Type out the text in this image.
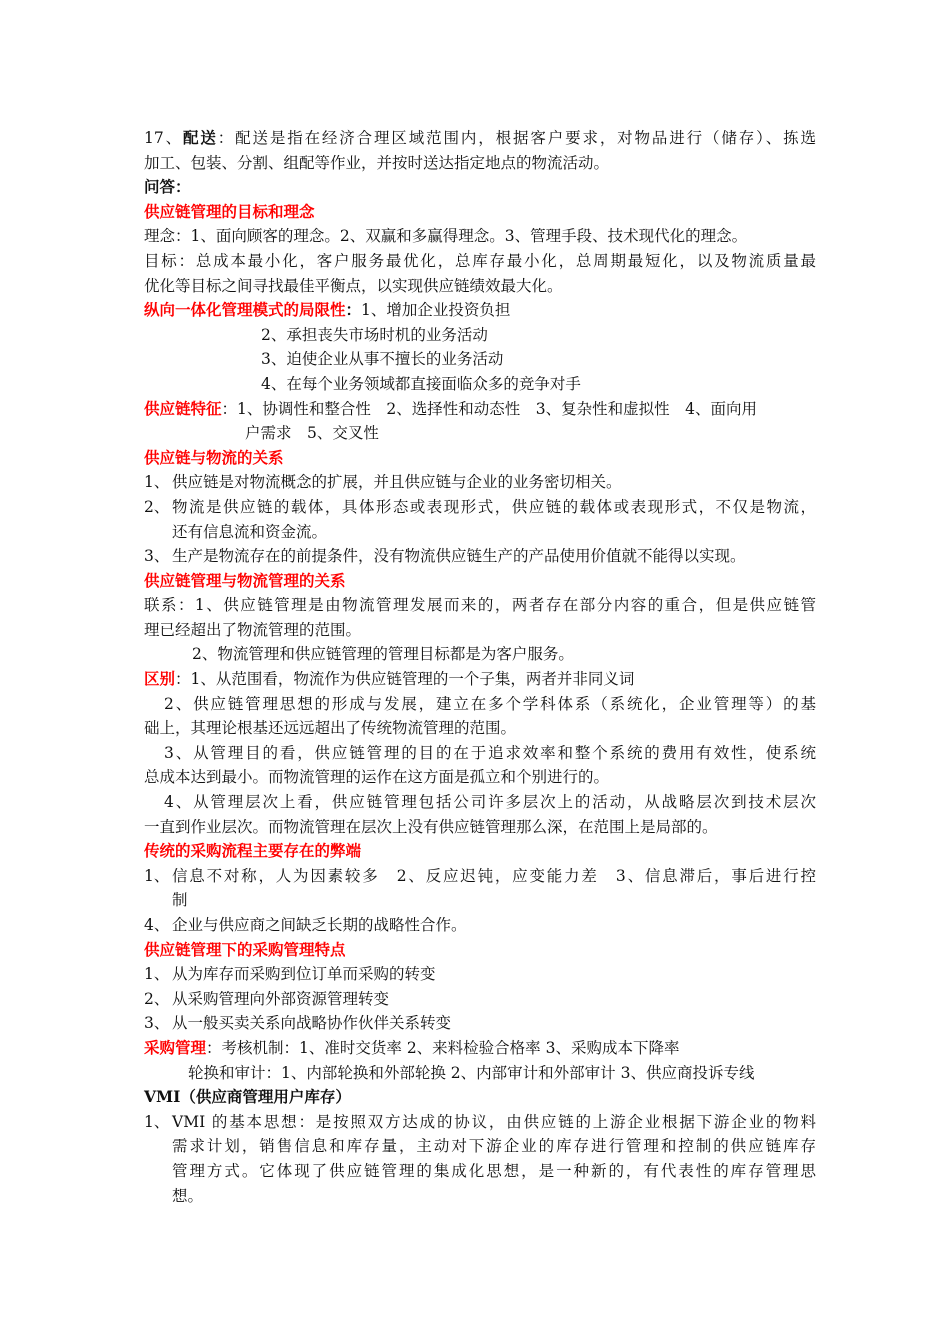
17、配送：配送是指在经济合理区域范围内，根据客户要求，对物品进行（储存）、拣选
加工、包装、分割、组配等作业，并按时送达指定地点的物流活动。
问答：
供应链管理的目标和理念
理念：1、面向顾客的理念。2、双赢和多赢得理念。3、管理手段、技术现代化的理念。
目标：总成本最小化，客户服务最优化，总库存最小化，总周期最短化，以及物流质量最
优化等目标之间寻找最佳平衡点，以实现供应链绩效最大化。
纵向一体化管理模式的局限性：1、增加企业投资负担
2、承担丧失市场时机的业务活动
3、迫使企业从事不擅长的业务活动
4、在每个业务领域都直接面临众多的竞争对手
供应链特征：1、协调性和整合性　2、选择性和动态性　3、复杂性和虚拟性　4、面向用
户需求　5、交叉性
供应链与物流的关系
1、 供应链是对物流概念的扩展，并且供应链与企业的业务密切相关。
2、 物流是供应链的载体，具体形态或表现形式，供应链的载体或表现形式，不仅是物流，
还有信息流和资金流。
3、 生产是物流存在的前提条件，没有物流供应链生产的产品使用价值就不能得以实现。
供应链管理与物流管理的关系
联系：1、供应链管理是由物流管理发展而来的，两者存在部分内容的重合，但是供应链管
理已经超出了物流管理的范围。
2、物流管理和供应链管理的管理目标都是为客户服务。
区别：1、从范围看，物流作为供应链管理的一个子集，两者并非同义词
2、供应链管理思想的形成与发展，建立在多个学科体系（系统化，企业管理等）的基
础上，其理论根基还远远超出了传统物流管理的范围。
3、从管理目的看，供应链管理的目的在于追求效率和整个系统的费用有效性，使系统
总成本达到最小。而物流管理的运作在这方面是孤立和个别进行的。
4、从管理层次上看，供应链管理包括公司许多层次上的活动，从战略层次到技术层次
一直到作业层次。而物流管理在层次上没有供应链管理那么深，在范围上是局部的。
传统的采购流程主要存在的弊端
1、 信息不对称，人为因素较多　2、反应迟钝，应变能力差　3、信息滞后，事后进行控
制
4、 企业与供应商之间缺乏长期的战略性合作。
供应链管理下的采购管理特点
1、 从为库存而采购到位订单而采购的转变
2、 从采购管理向外部资源管理转变
3、 从一般买卖关系向战略协作伙伴关系转变
采购管理：考核机制：1、准时交货率 2、来料检验合格率 3、采购成本下降率
轮换和审计：1、内部轮换和外部轮换 2、内部审计和外部审计 3、供应商投诉专线
VMI（供应商管理用户库存）
1、 VMI 的基本思想：是按照双方达成的协议，由供应链的上游企业根据下游企业的物料
需求计划，销售信息和库存量，主动对下游企业的库存进行管理和控制的供应链库存
管理方式。它体现了供应链管理的集成化思想，是一种新的，有代表性的库存管理思
想。
